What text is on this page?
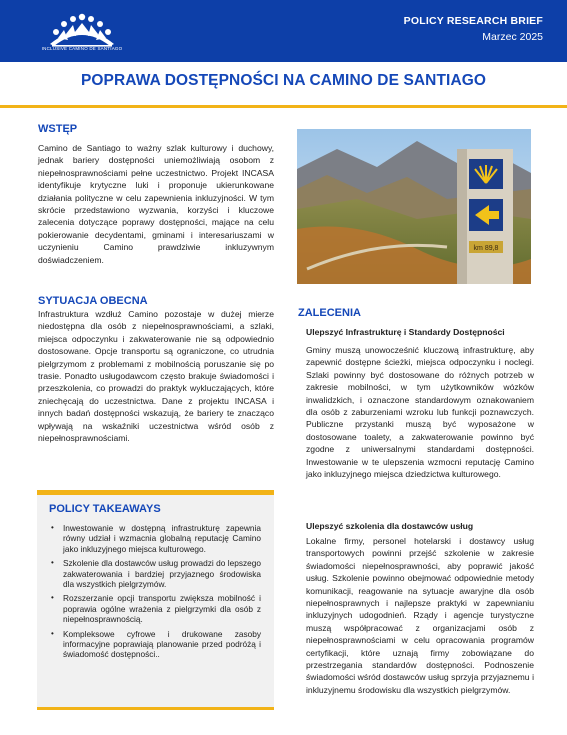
INCLUSIVE CAMINO DE SANTIAGO
POLICY RESEARCH BRIEF
Marzec 2025
POPRAWA DOSTĘPNOŚCI NA CAMINO DE SANTIAGO
WSTĘP
Camino de Santiago to ważny szlak kulturowy i duchowy, jednak bariery dostępności uniemożliwiają osobom z niepełnosprawnościami pełne uczestnictwo. Projekt INCASA identyfikuje krytyczne luki i proponuje ukierunkowane działania polityczne w celu zapewnienia inkluzyjności. W tym skrócie przedstawiono wyzwania, korzyści i kluczowe zalecenia dotyczące poprawy dostępności, mające na celu pokierowanie decydentami, gminami i interesariuszami w uczynieniu Camino prawdziwie inkluzywnym doświadczeniem.
SYTUACJA OBECNA
Infrastruktura wzdłuż Camino pozostaje w dużej mierze niedostępna dla osób z niepełnosprawnościami, a szlaki, miejsca odpoczynku i zakwaterowanie nie są odpowiednio dostosowane. Opcje transportu są ograniczone, co utrudnia pielgrzymom z problemami z mobilnością poruszanie się po trasie. Ponadto usługodawcom często brakuje świadomości i przeszkolenia, co prowadzi do praktyk wykluczających, które zniechęcają do uczestnictwa. Dane z projektu INCASA i innych badań dostępności wskazują, że bariery te znacząco wpływają na wskaźniki uczestnictwa wśród osób z niepełnosprawnościami.
POLICY TAKEAWAYS
• Inwestowanie w dostępną infrastrukturę zapewnia równy udział i wzmacnia globalną reputację Camino jako inkluzyjnego miejsca kulturowego.
• Szkolenie dla dostawców usług prowadzi do lepszego zakwaterowania i bardziej przyjaznego środowiska dla wszystkich pielgrzymów.
• Rozszerzanie opcji transportu zwiększa mobilność i poprawia ogólne wrażenia z pielgrzymki dla osób z niepełnosprawnością.
• Kompleksowe cyfrowe i drukowane zasoby informacyjne poprawiają planowanie przed podróżą i świadomość dostępności..
km 89,8
ZALECENIA
Ulepszyć Infrastrukturę i Standardy Dostępności
Gminy muszą unowocześnić kluczową infrastrukturę, aby zapewnić dostępne ścieżki, miejsca odpoczynku i noclegi. Szlaki powinny być dostosowane do różnych potrzeb w zakresie mobilności, w tym użytkowników wózków inwalidzkich, i oznaczone standardowym oznakowaniem dla osób z zaburzeniami wzroku lub funkcji poznawczych. Publiczne przystanki muszą być wyposażone w dostosowane toalety, a zakwaterowanie powinno być zgodne z uniwersalnymi standardami dostępności. Inwestowanie w te ulepszenia wzmocni reputację Camino jako inkluzyjnego miejsca dziedzictwa kulturowego.
Ulepszyć szkolenia dla dostawców usług
Lokalne firmy, personel hotelarski i dostawcy usług transportowych powinni przejść szkolenie w zakresie świadomości niepełnosprawności, aby poprawić jakość usług. Szkolenie powinno obejmować odpowiednie metody komunikacji, reagowanie na sytuacje awaryjne dla osób niepełnosprawnych i najlepsze praktyki w zapewnianiu inkluzyjnych udogodnień. Rządy i agencje turystyczne muszą współpracować z organizacjami osób z niepełnosprawnościami w celu opracowania programów certyfikacji, które uznają firmy zobowiązane do przestrzegania standardów dostępności. Podnoszenie świadomości wśród dostawców usług sprzyja przyjaznemu i inkluzyjnemu środowisku dla wszystkich pielgrzymów.
